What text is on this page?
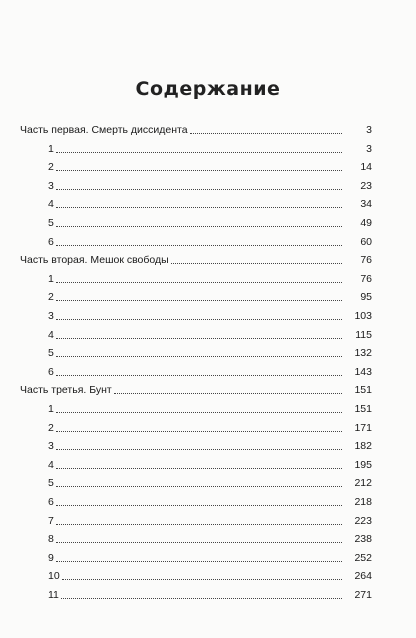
Содержание
Часть первая. Смерть диссидента	3
1	3
2	14
3	23
4	34
5	49
6	60
Часть вторая. Мешок свободы	76
1	76
2	95
3	103
4	115
5	132
6	143
Часть третья. Бунт	151
1	151
2	171
3	182
4	195
5	212
6	218
7	223
8	238
9	252
10	264
11	271
